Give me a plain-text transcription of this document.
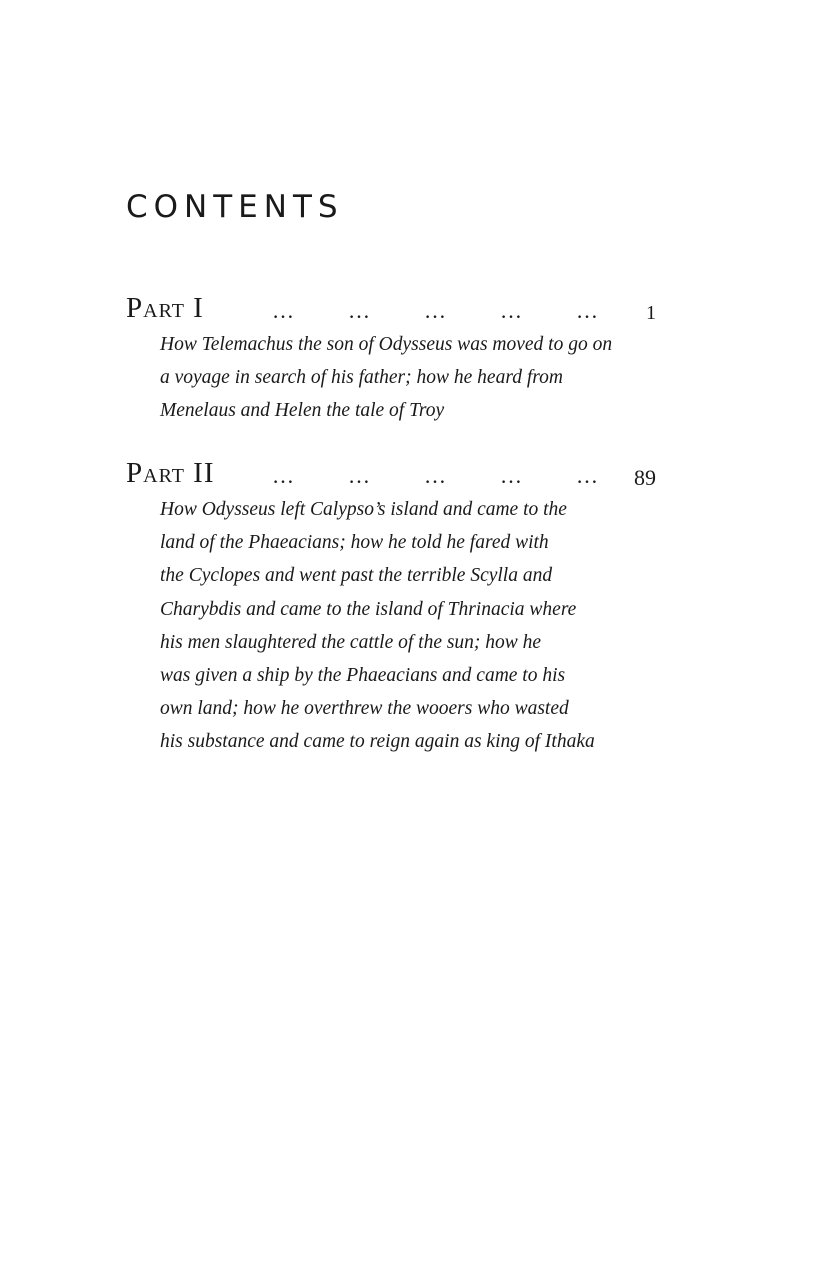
CONTENTS
Part I	… … … … …	1

How Telemachus the son of Odysseus was moved to go on
a voyage in search of his father; how he heard from
Menelaus and Helen the tale of Troy

Part II	… … … … …	89

How Odysseus left Calypso’s island and came to the
land of the Phaeacians; how he told he fared with
the Cyclopes and went past the terrible Scylla and
Charybdis and came to the island of Thrinacia where
his men slaughtered the cattle of the sun; how he
was given a ship by the Phaeacians and came to his
own land; how he overthrew the wooers who wasted
his substance and came to reign again as king of Ithaka
